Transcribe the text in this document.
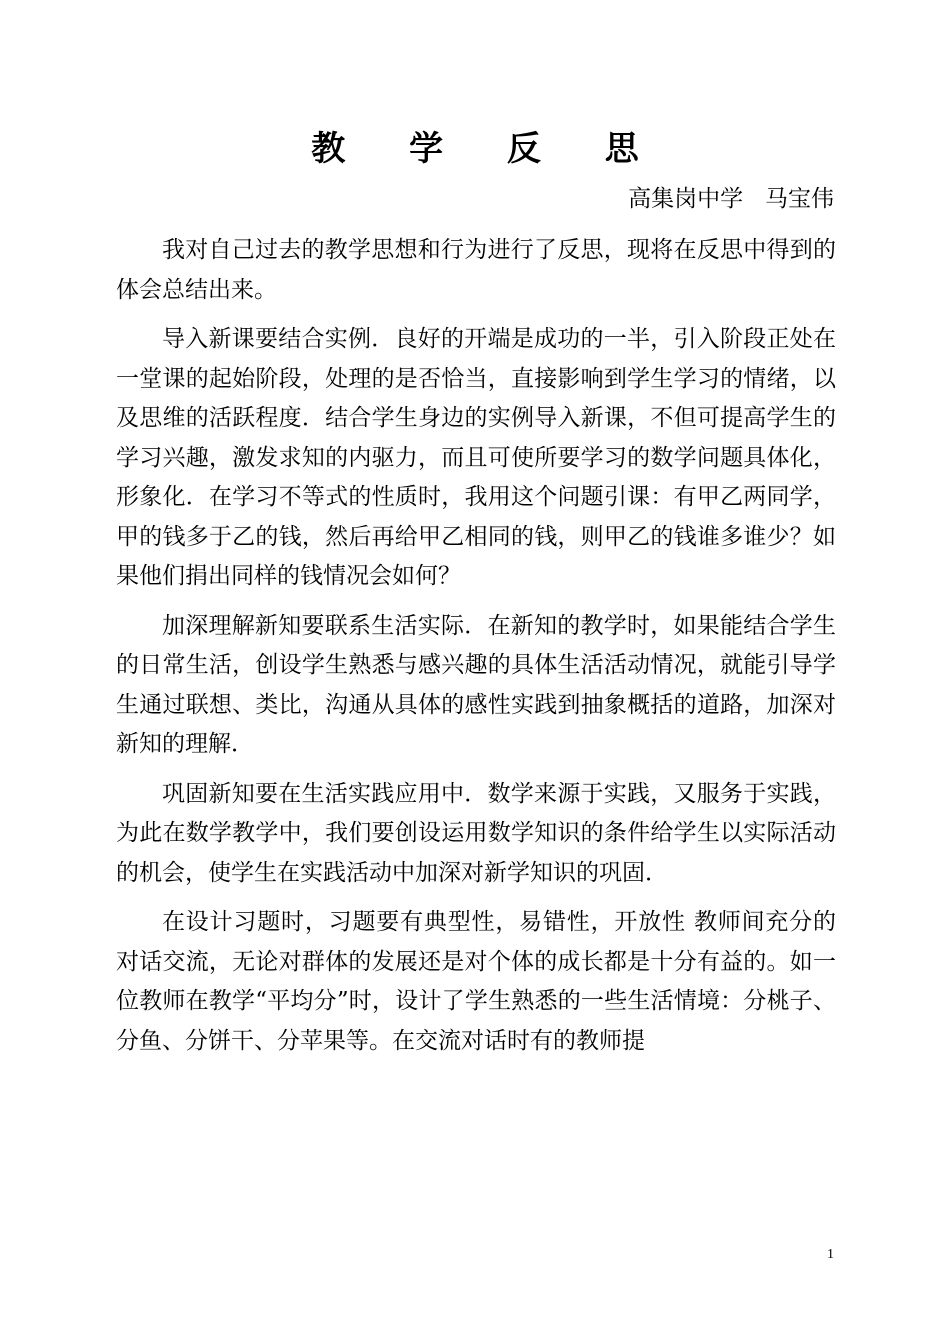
教 学 反 思
高集岗中学   马宝伟

我对自己过去的教学思想和行为进行了反思，现将在反思中得到的体会总结出来。

导入新课要结合实例．良好的开端是成功的一半，引入阶段正处在一堂课的起始阶段，处理的是否恰当，直接影响到学生学习的情绪，以及思维的活跃程度．结合学生身边的实例导入新课，不但可提高学生的学习兴趣，激发求知的内驱力，而且可使所要学习的数学问题具体化，形象化．在学习不等式的性质时，我用这个问题引课：有甲乙两同学，甲的钱多于乙的钱，然后再给甲乙相同的钱，则甲乙的钱谁多谁少？如果他们捐出同样的钱情况会如何？

加深理解新知要联系生活实际．在新知的教学时，如果能结合学生的日常生活，创设学生熟悉与感兴趣的具体生活活动情况，就能引导学生通过联想、类比，沟通从具体的感性实践到抽象概括的道路，加深对新知的理解．

巩固新知要在生活实践应用中．数学来源于实践，又服务于实践，为此在数学教学中，我们要创设运用数学知识的条件给学生以实际活动的机会，使学生在实践活动中加深对新学知识的巩固．

在设计习题时，习题要有典型性，易错性，开放性 教师间充分的对话交流，无论对群体的发展还是对个体的成长都是十分有益的。如一位教师在教学“平均分”时，设计了学生熟悉的一些生活情境：分桃子、分鱼、分饼干、分苹果等。在交流对话时有的教师提

1
